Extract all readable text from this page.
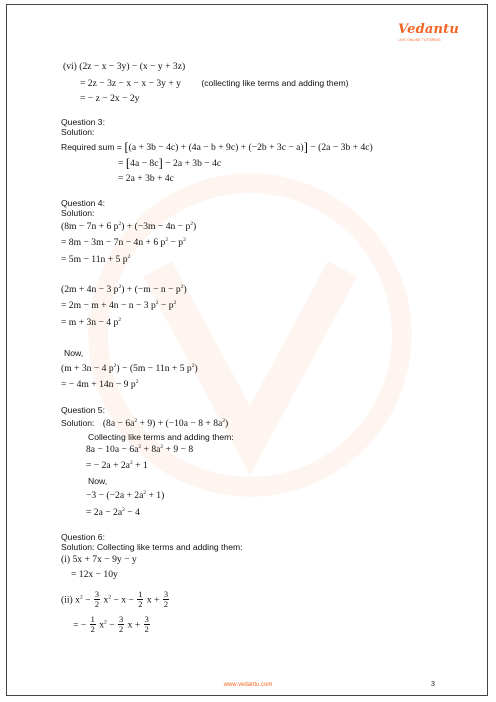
Vedantu
LIVE ONLINE TUTORING
(vi) (2z − x − 3y) − (x − y + 3z)
= 2z − 3z − x − x − 3y + y (collecting like terms and adding them)
= − z − 2x − 2y
Question 3:
Solution:
Required sum = [(a + 3b − 4c) + (4a − b + 9c) + (−2b + 3c − a)] − (2a − 3b + 4c)
= [4a − 8c] − 2a + 3b − 4c
= 2a + 3b + 4c
Question 4:
Solution:
(8m − 7n + 6 $p^2) + (-3m - 4n - p^2)$
= 8m − 3m − 7n − 4n + 6 $p^2 - p^2$
= 5m − 11n + 5 $p^2$
(2m + 4n − 3 $p^2) + (-m - n - p^2)$
= 2m − m + 4n − n − 3 $p^2 - p^2$
= m + 3n − 4 $p^2$
Now,
(m + 3n − 4 $p^2) - (5m - 11n + 5$ $p^2$)
= − 4m + 14n − 9 $p^2$
Question 5:
Solution: $(8a - 6a^2 + 9) + (-10a - 8 + 8a^2)$
Collecting like terms and adding them:
$8a - 10a - 6a^2 + 8a^2 + 9 - 8$
= − $2a + 2a^2 + 1$
Now,
$-3 - (-2a + 2a^2 + 1)$
= $2a - 2a^2 - 4$
Question 6:
Solution: Collecting like terms and adding them:
(i) 5x + 7x − 9y − y
= 12x − 10y
(ii) $x^2 - \frac{3}{2} x^2 - x - \frac{1}{2}$ $x + \frac{3}{2}$
= − $\frac{1}{2} x^2 - \frac{3}{2}$ $x + \frac{3}{2}$
www.vedantu.com	3
